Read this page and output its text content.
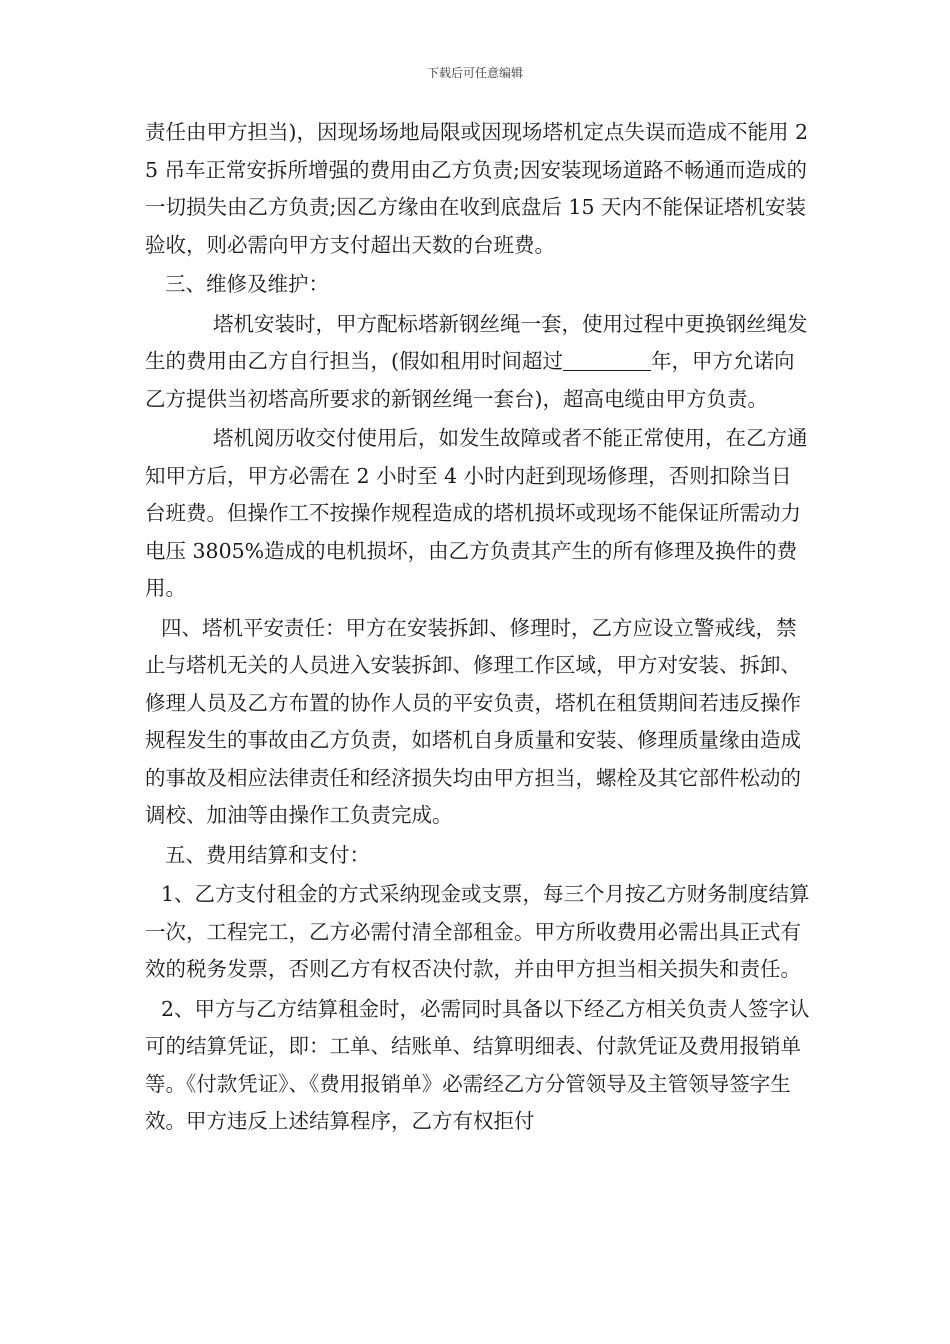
下载后可任意编辑

责任由甲方担当)，因现场场地局限或因现场塔机定点失误而造成不能用 25 吊车正常安拆所增强的费用由乙方负责;因安装现场道路不畅通而造成的一切损失由乙方负责;因乙方缘由在收到底盘后 15 天内不能保证塔机安装验收，则必需向甲方支付超出天数的台班费。

三、维修及维护：

塔机安装时，甲方配标塔新钢丝绳一套，使用过程中更换钢丝绳发生的费用由乙方自行担当，(假如租用时间超过	年，甲方允诺向乙方提供当初塔高所要求的新钢丝绳一套台)，超高电缆由甲方负责。

塔机阅历收交付使用后，如发生故障或者不能正常使用，在乙方通知甲方后，甲方必需在 2 小时至 4 小时内赶到现场修理，否则扣除当日台班费。但操作工不按操作规程造成的塔机损坏或现场不能保证所需动力电压 3805%造成的电机损坏，由乙方负责其产生的所有修理及换件的费用。

四、塔机平安责任：甲方在安装拆卸、修理时，乙方应设立警戒线，禁止与塔机无关的人员进入安装拆卸、修理工作区域，甲方对安装、拆卸、修理人员及乙方布置的协作人员的平安负责，塔机在租赁期间若违反操作规程发生的事故由乙方负责，如塔机自身质量和安装、修理质量缘由造成的事故及相应法律责任和经济损失均由甲方担当，螺栓及其它部件松动的调校、加油等由操作工负责完成。

五、费用结算和支付：

1、乙方支付租金的方式采纳现金或支票，每三个月按乙方财务制度结算一次，工程完工，乙方必需付清全部租金。甲方所收费用必需出具正式有效的税务发票，否则乙方有权否决付款，并由甲方担当相关损失和责任。

2、甲方与乙方结算租金时，必需同时具备以下经乙方相关负责人签字认可的结算凭证，即：工单、结账单、结算明细表、付款凭证及费用报销单等。《付款凭证》、《费用报销单》必需经乙方分管领导及主管领导签字生效。甲方违反上述结算程序，乙方有权拒付
